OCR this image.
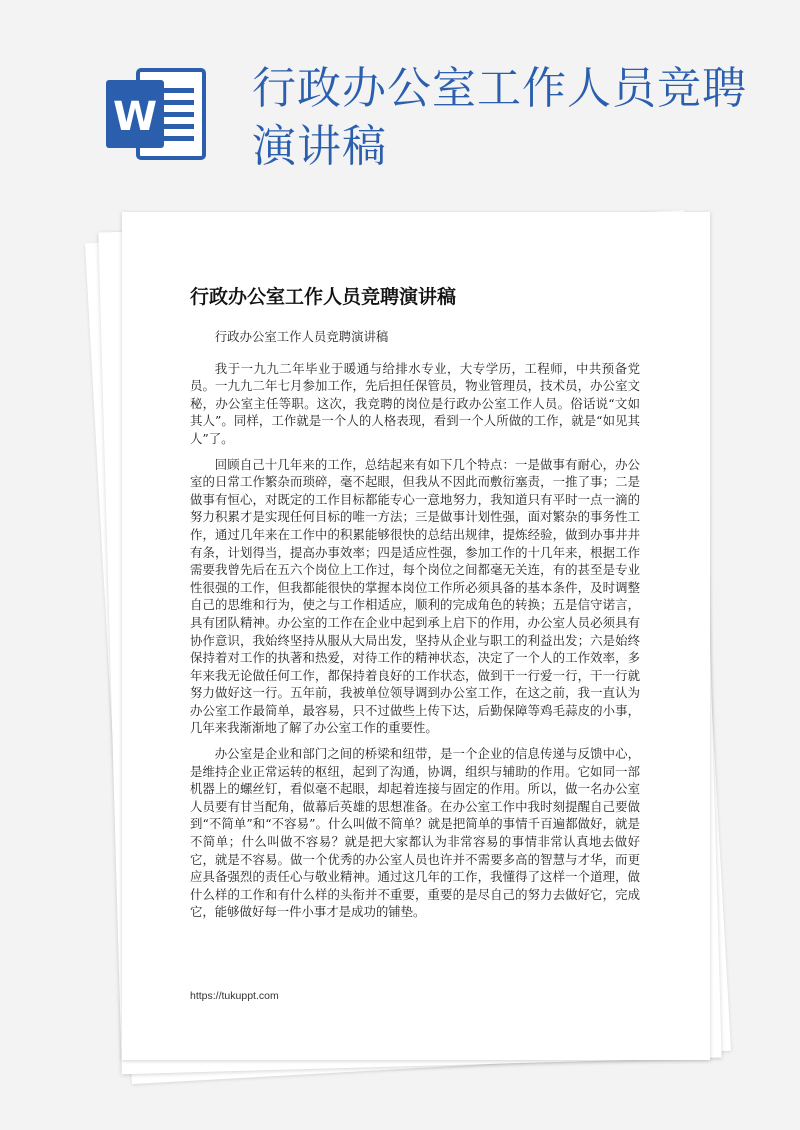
W
行政办公室工作人员竞聘演讲稿
行政办公室工作人员竞聘演讲稿

行政办公室工作人员竞聘演讲稿

我于一九九二年毕业于暖通与给排水专业，大专学历，工程师，中共预备党员。一九九二年七月参加工作，先后担任保管员，物业管理员，技术员，办公室文秘，办公室主任等职。这次，我竞聘的岗位是行政办公室工作人员。俗话说“文如其人”。同样，工作就是一个人的人格表现，看到一个人所做的工作，就是“如见其人”了。

回顾自己十几年来的工作，总结起来有如下几个特点：一是做事有耐心，办公室的日常工作繁杂而琐碎，毫不起眼，但我从不因此而敷衍塞责，一推了事；二是做事有恒心，对既定的工作目标都能专心一意地努力，我知道只有平时一点一滴的努力积累才是实现任何目标的唯一方法；三是做事计划性强，面对繁杂的事务性工作，通过几年来在工作中的积累能够很快的总结出规律，提炼经验，做到办事井井有条，计划得当，提高办事效率；四是适应性强，参加工作的十几年来，根据工作需要我曾先后在五六个岗位上工作过，每个岗位之间都毫无关连，有的甚至是专业性很强的工作，但我都能很快的掌握本岗位工作所必须具备的基本条件，及时调整自己的思维和行为，使之与工作相适应，顺利的完成角色的转换；五是信守诺言，具有团队精神。办公室的工作在企业中起到承上启下的作用，办公室人员必须具有协作意识，我始终坚持从服从大局出发，坚持从企业与职工的利益出发；六是始终保持着对工作的执著和热爱，对待工作的精神状态，决定了一个人的工作效率，多年来我无论做任何工作，都保持着良好的工作状态，做到干一行爱一行，干一行就努力做好这一行。五年前，我被单位领导调到办公室工作，在这之前，我一直认为办公室工作最简单，最容易，只不过做些上传下达，后勤保障等鸡毛蒜皮的小事，几年来我渐渐地了解了办公室工作的重要性。

办公室是企业和部门之间的桥梁和纽带，是一个企业的信息传递与反馈中心，是维持企业正常运转的枢纽，起到了沟通，协调，组织与辅助的作用。它如同一部机器上的螺丝钉，看似毫不起眼，却起着连接与固定的作用。所以，做一名办公室人员要有甘当配角，做幕后英雄的思想准备。在办公室工作中我时刻提醒自己要做到“不简单”和“不容易”。什么叫做不简单？就是把简单的事情千百遍都做好，就是不简单；什么叫做不容易？就是把大家都认为非常容易的事情非常认真地去做好它，就是不容易。做一个优秀的办公室人员也许并不需要多高的智慧与才华，而更应具备强烈的责任心与敬业精神。通过这几年的工作，我懂得了这样一个道理，做什么样的工作和有什么样的头衔并不重要，重要的是尽自己的努力去做好它，完成它，能够做好每一件小事才是成功的铺垫。

https://tukuppt.com
